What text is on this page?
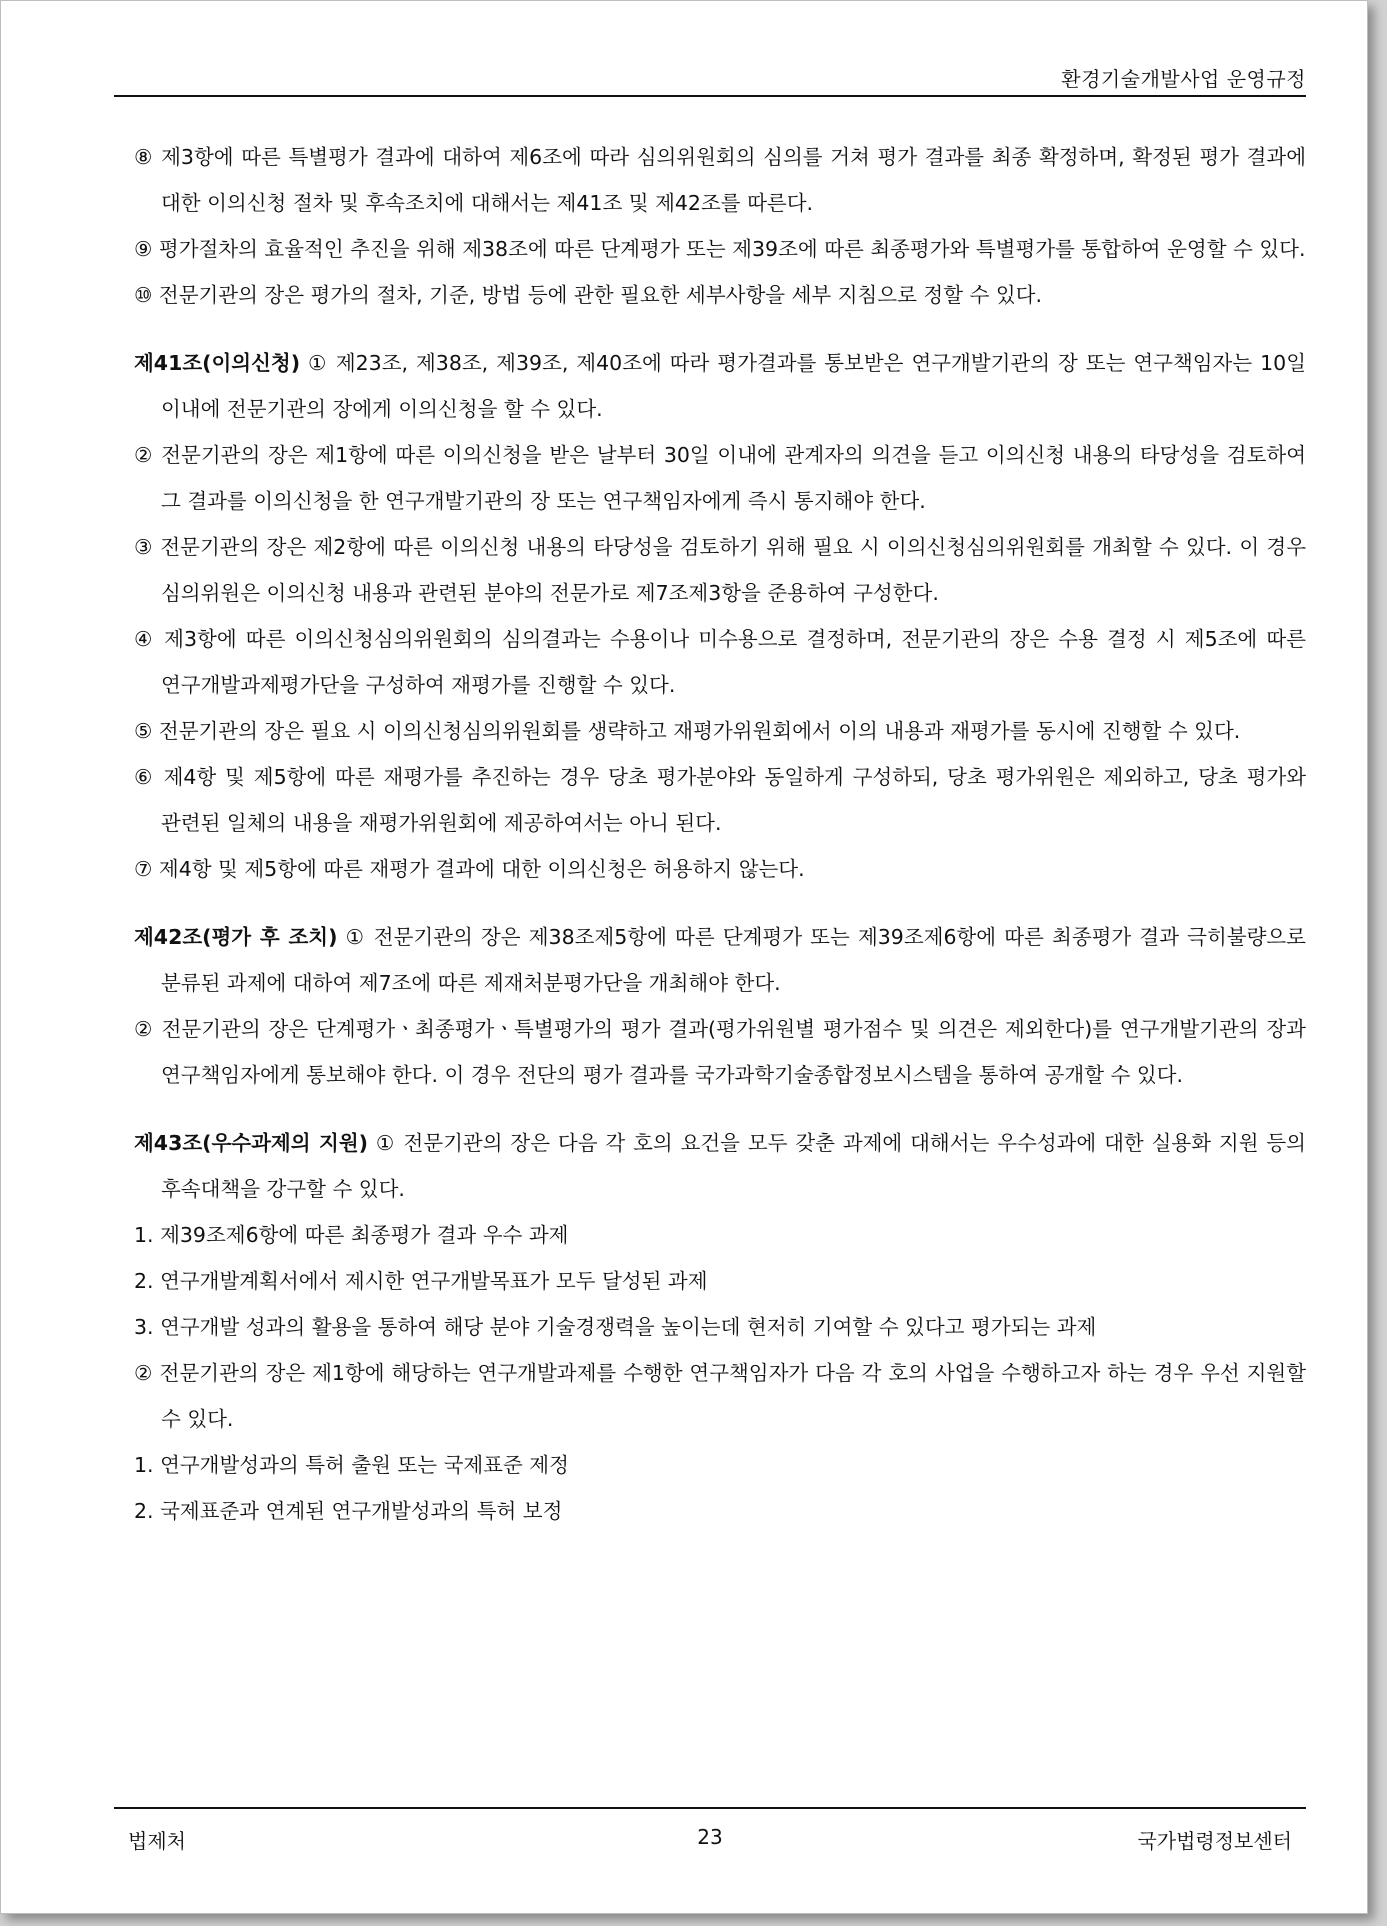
환경기술개발사업 운영규정

⑧ 제3항에 따른 특별평가 결과에 대하여 제6조에 따라 심의위원회의 심의를 거쳐 평가 결과를 최종 확정하며, 확정된 평가 결과에 대한 이의신청 절차 및 후속조치에 대해서는 제41조 및 제42조를 따른다.

⑨ 평가절차의 효율적인 추진을 위해 제38조에 따른 단계평가 또는 제39조에 따른 최종평가와 특별평가를 통합하여 운영할 수 있다.

⑩ 전문기관의 장은 평가의 절차, 기준, 방법 등에 관한 필요한 세부사항을 세부 지침으로 정할 수 있다.

제41조(이의신청) ① 제23조, 제38조, 제39조, 제40조에 따라 평가결과를 통보받은 연구개발기관의 장 또는 연구책임자는 10일 이내에 전문기관의 장에게 이의신청을 할 수 있다.

② 전문기관의 장은 제1항에 따른 이의신청을 받은 날부터 30일 이내에 관계자의 의견을 듣고 이의신청 내용의 타당성을 검토하여 그 결과를 이의신청을 한 연구개발기관의 장 또는 연구책임자에게 즉시 통지해야 한다.

③ 전문기관의 장은 제2항에 따른 이의신청 내용의 타당성을 검토하기 위해 필요 시 이의신청심의위원회를 개최할 수 있다. 이 경우 심의위원은 이의신청 내용과 관련된 분야의 전문가로 제7조제3항을 준용하여 구성한다.

④ 제3항에 따른 이의신청심의위원회의 심의결과는 수용이나 미수용으로 결정하며, 전문기관의 장은 수용 결정 시 제5조에 따른 연구개발과제평가단을 구성하여 재평가를 진행할 수 있다.

⑤ 전문기관의 장은 필요 시 이의신청심의위원회를 생략하고 재평가위원회에서 이의 내용과 재평가를 동시에 진행할 수 있다.

⑥ 제4항 및 제5항에 따른 재평가를 추진하는 경우 당초 평가분야와 동일하게 구성하되, 당초 평가위원은 제외하고, 당초 평가와 관련된 일체의 내용을 재평가위원회에 제공하여서는 아니 된다.

⑦ 제4항 및 제5항에 따른 재평가 결과에 대한 이의신청은 허용하지 않는다.

제42조(평가 후 조치) ① 전문기관의 장은 제38조제5항에 따른 단계평가 또는 제39조제6항에 따른 최종평가 결과 극히불량으로 분류된 과제에 대하여 제7조에 따른 제재처분평가단을 개최해야 한다.

② 전문기관의 장은 단계평가ㆍ최종평가ㆍ특별평가의 평가 결과(평가위원별 평가점수 및 의견은 제외한다)를 연구개발기관의 장과 연구책임자에게 통보해야 한다. 이 경우 전단의 평가 결과를 국가과학기술종합정보시스템을 통하여 공개할 수 있다.

제43조(우수과제의 지원) ① 전문기관의 장은 다음 각 호의 요건을 모두 갖춘 과제에 대해서는 우수성과에 대한 실용화 지원 등의 후속대책을 강구할 수 있다.

1. 제39조제6항에 따른 최종평가 결과 우수 과제

2. 연구개발계획서에서 제시한 연구개발목표가 모두 달성된 과제

3. 연구개발 성과의 활용을 통하여 해당 분야 기술경쟁력을 높이는데 현저히 기여할 수 있다고 평가되는 과제

② 전문기관의 장은 제1항에 해당하는 연구개발과제를 수행한 연구책임자가 다음 각 호의 사업을 수행하고자 하는 경우 우선 지원할 수 있다.

1. 연구개발성과의 특허 출원 또는 국제표준 제정

2. 국제표준과 연계된 연구개발성과의 특허 보정

법제처	23	국가법령정보센터
